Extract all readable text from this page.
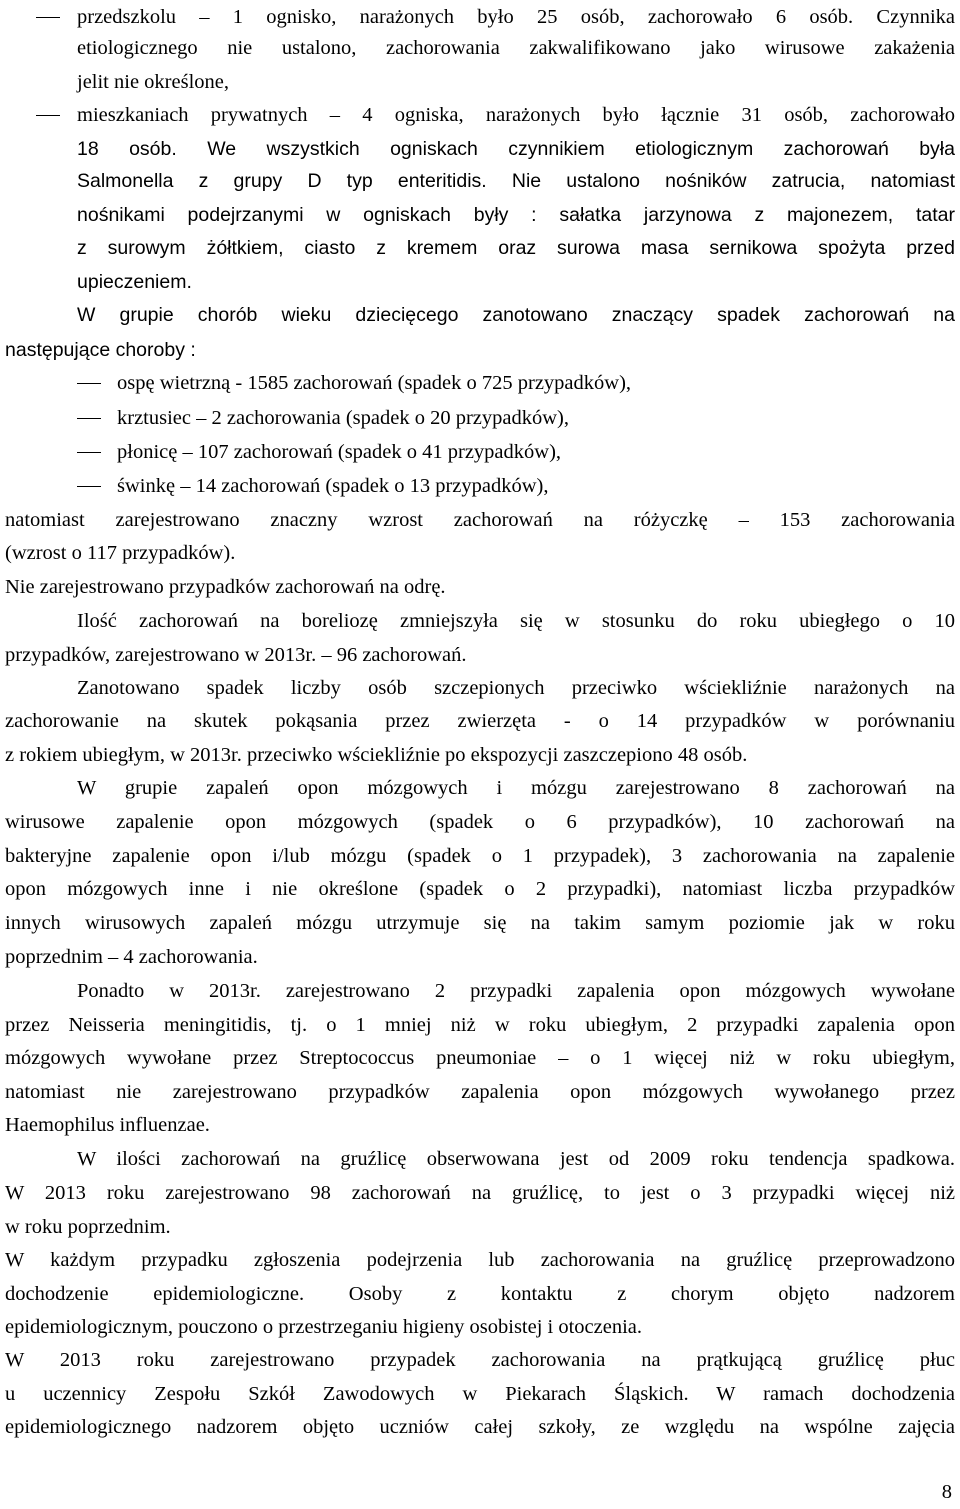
przedszkolu – 1 ognisko, narażonych było 25 osób, zachorowało 6 osób. Czynnika
etiologicznego nie ustalono, zachorowania zakwalifikowano jako wirusowe zakażenia
jelit nie określone,
mieszkaniach prywatnych – 4 ogniska, narażonych było łącznie 31 osób, zachorowało
18 osób. We wszystkich ogniskach czynnikiem etiologicznym zachorowań była
Salmonella z grupy D typ enteritidis. Nie ustalono nośników zatrucia, natomiast
nośnikami podejrzanymi w ogniskach były : sałatka jarzynowa z majonezem, tatar
z surowym żółtkiem, ciasto z kremem oraz surowa masa sernikowa spożyta przed
upieczeniem.
W grupie chorób wieku dziecięcego zanotowano znaczący spadek zachorowań na
następujące choroby :
ospę wietrzną - 1585 zachorowań (spadek o 725 przypadków),
krztusiec – 2 zachorowania (spadek o 20 przypadków),
płonicę – 107 zachorowań (spadek o 41 przypadków),
świnkę – 14 zachorowań (spadek o 13 przypadków),
natomiast zarejestrowano znaczny wzrost zachorowań na różyczkę – 153 zachorowania
(wzrost o 117 przypadków).
Nie zarejestrowano przypadków zachorowań na odrę.
Ilość zachorowań na boreliozę zmniejszyła się w stosunku do roku ubiegłego o 10
przypadków, zarejestrowano w 2013r. – 96 zachorowań.
Zanotowano spadek liczby osób szczepionych przeciwko wściekliźnie narażonych na
zachorowanie na skutek pokąsania przez zwierzęta - o 14 przypadków w porównaniu
z rokiem ubiegłym, w 2013r. przeciwko wściekliźnie po ekspozycji zaszczepiono 48 osób.
W grupie zapaleń opon mózgowych i mózgu zarejestrowano 8 zachorowań na
wirusowe zapalenie opon mózgowych (spadek o 6 przypadków), 10 zachorowań na
bakteryjne zapalenie opon i/lub mózgu (spadek o 1 przypadek), 3 zachorowania na zapalenie
opon mózgowych inne i nie określone (spadek o 2 przypadki), natomiast liczba przypadków
innych wirusowych zapaleń mózgu utrzymuje się na takim samym poziomie jak w roku
poprzednim – 4 zachorowania.
Ponadto w 2013r. zarejestrowano 2 przypadki zapalenia opon mózgowych wywołane
przez Neisseria meningitidis, tj. o 1 mniej niż w roku ubiegłym, 2 przypadki zapalenia opon
mózgowych wywołane przez Streptococcus pneumoniae – o 1 więcej niż w roku ubiegłym,
natomiast nie zarejestrowano przypadków zapalenia opon mózgowych wywołanego przez
Haemophilus influenzae.
W ilości zachorowań na gruźlicę obserwowana jest od 2009 roku tendencja spadkowa.
W 2013 roku zarejestrowano 98 zachorowań na gruźlicę, to jest o 3 przypadki więcej niż
w roku poprzednim.
W każdym przypadku zgłoszenia podejrzenia lub zachorowania na gruźlicę przeprowadzono
dochodzenie epidemiologiczne. Osoby z kontaktu z chorym objęto nadzorem
epidemiologicznym, pouczono o przestrzeganiu higieny osobistej i otoczenia.
W 2013 roku zarejestrowano przypadek zachorowania na prątkującą gruźlicę płuc
u uczennicy Zespołu Szkół Zawodowych w Piekarach Śląskich. W ramach dochodzenia
epidemiologicznego nadzorem objęto uczniów całej szkoły, ze względu na wspólne zajęcia
8
